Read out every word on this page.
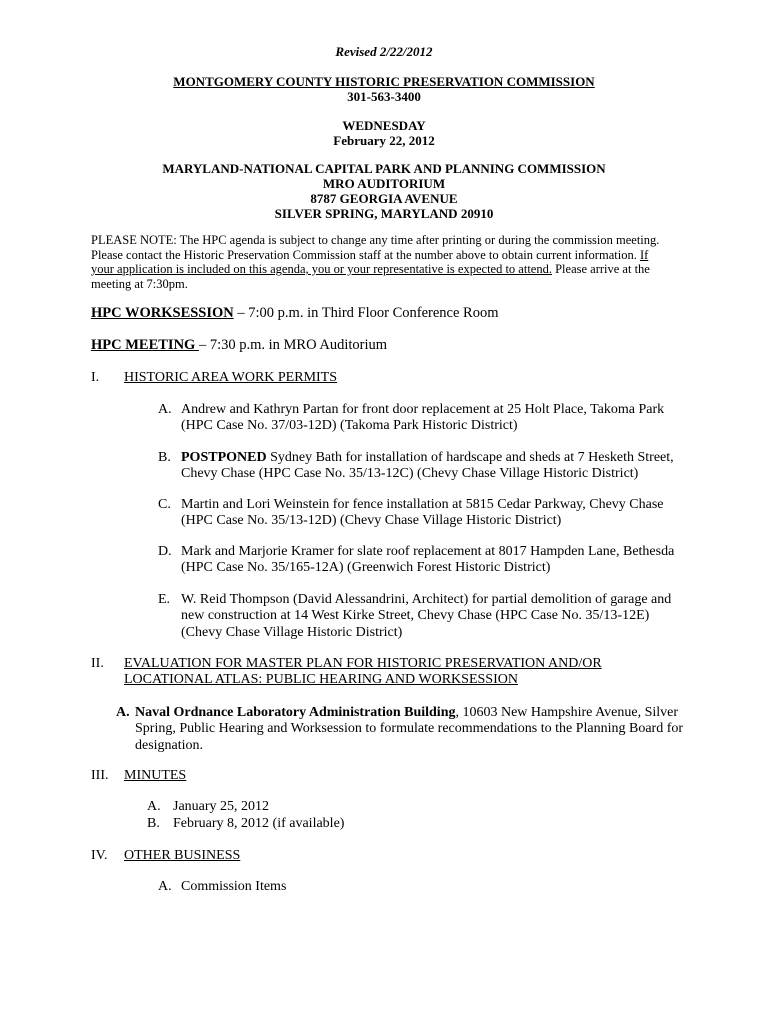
Revised 2/22/2012
MONTGOMERY COUNTY HISTORIC PRESERVATION COMMISSION
301-563-3400
WEDNESDAY
February 22, 2012
MARYLAND-NATIONAL CAPITAL PARK AND PLANNING COMMISSION
MRO AUDITORIUM
8787 GEORGIA AVENUE
SILVER SPRING, MARYLAND 20910
PLEASE NOTE: The HPC agenda is subject to change any time after printing or during the commission meeting.
Please contact the Historic Preservation Commission staff at the number above to obtain current information. If
your application is included on this agenda, you or your representative is expected to attend. Please arrive at the
meeting at 7:30pm.
HPC WORKSESSION – 7:00 p.m. in Third Floor Conference Room
HPC MEETING – 7:30 p.m. in MRO Auditorium
I. HISTORIC AREA WORK PERMITS
A. Andrew and Kathryn Partan for front door replacement at 25 Holt Place, Takoma Park
(HPC Case No. 37/03-12D) (Takoma Park Historic District)
B. POSTPONED Sydney Bath for installation of hardscape and sheds at 7 Hesketh Street,
Chevy Chase (HPC Case No. 35/13-12C) (Chevy Chase Village Historic District)
C. Martin and Lori Weinstein for fence installation at 5815 Cedar Parkway, Chevy Chase
(HPC Case No. 35/13-12D) (Chevy Chase Village Historic District)
D. Mark and Marjorie Kramer for slate roof replacement at 8017 Hampden Lane, Bethesda
(HPC Case No. 35/165-12A) (Greenwich Forest Historic District)
E. W. Reid Thompson (David Alessandrini, Architect) for partial demolition of garage and
new construction at 14 West Kirke Street, Chevy Chase (HPC Case No. 35/13-12E)
(Chevy Chase Village Historic District)
II. EVALUATION FOR MASTER PLAN FOR HISTORIC PRESERVATION AND/OR
LOCATIONAL ATLAS: PUBLIC HEARING AND WORKSESSION
A. Naval Ordnance Laboratory Administration Building, 10603 New Hampshire Avenue, Silver
Spring, Public Hearing and Worksession to formulate recommendations to the Planning Board for
designation.
III. MINUTES
A. January 25, 2012
B. February 8, 2012 (if available)
IV. OTHER BUSINESS
A. Commission Items
